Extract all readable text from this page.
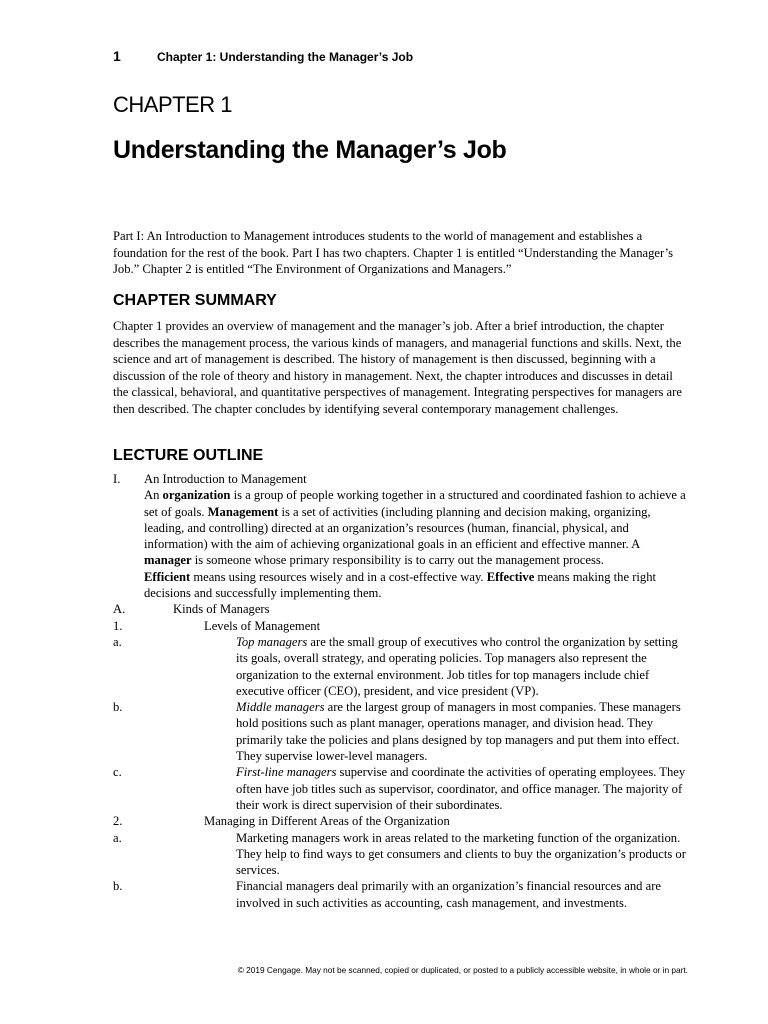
1	Chapter 1: Understanding the Manager’s Job
CHAPTER 1
Understanding the Manager’s Job
Part I: An Introduction to Management introduces students to the world of management and establishes a foundation for the rest of the book. Part I has two chapters. Chapter 1 is entitled “Understanding the Manager’s Job.” Chapter 2 is entitled “The Environment of Organizations and Managers.”
CHAPTER SUMMARY
Chapter 1 provides an overview of management and the manager’s job. After a brief introduction, the chapter describes the management process, the various kinds of managers, and managerial functions and skills. Next, the science and art of management is described. The history of management is then discussed, beginning with a discussion of the role of theory and history in management. Next, the chapter introduces and discusses in detail the classical, behavioral, and quantitative perspectives of management. Integrating perspectives for managers are then described. The chapter concludes by identifying several contemporary management challenges.
LECTURE OUTLINE
I. An Introduction to Management
An organization is a group of people working together in a structured and coordinated fashion to achieve a set of goals. Management is a set of activities (including planning and decision making, organizing, leading, and controlling) directed at an organization’s resources (human, financial, physical, and information) with the aim of achieving organizational goals in an efficient and effective manner. A manager is someone whose primary responsibility is to carry out the management process.
Efficient means using resources wisely and in a cost-effective way. Effective means making the right decisions and successfully implementing them.
A.	Kinds of Managers
1.	Levels of Management
a.	Top managers are the small group of executives who control the organization by setting its goals, overall strategy, and operating policies. Top managers also represent the organization to the external environment. Job titles for top managers include chief executive officer (CEO), president, and vice president (VP).
b.	Middle managers are the largest group of managers in most companies. These managers hold positions such as plant manager, operations manager, and division head. They primarily take the policies and plans designed by top managers and put them into effect. They supervise lower-level managers.
c.	First-line managers supervise and coordinate the activities of operating employees. They often have job titles such as supervisor, coordinator, and office manager. The majority of their work is direct supervision of their subordinates.
2.	Managing in Different Areas of the Organization
a.	Marketing managers work in areas related to the marketing function of the organization. They help to find ways to get consumers and clients to buy the organization’s products or services.
b.	Financial managers deal primarily with an organization’s financial resources and are involved in such activities as accounting, cash management, and investments.
© 2019 Cengage. May not be scanned, copied or duplicated, or posted to a publicly accessible website, in whole or in part.
